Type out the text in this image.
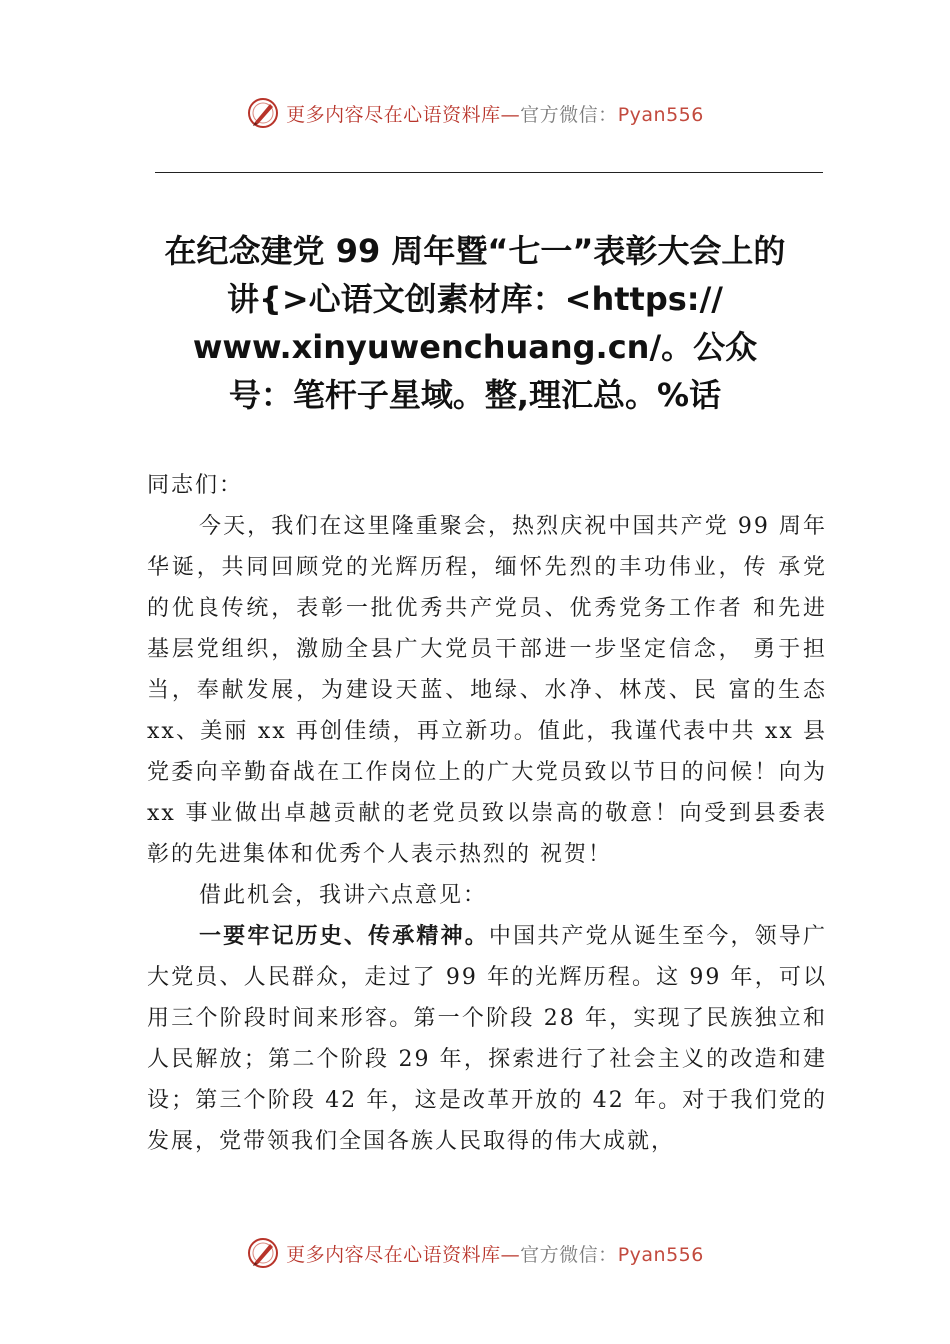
更多内容尽在心语资料库—官方微信：Pyan556
在纪念建党 99 周年暨“七一”表彰大会上的
讲{>心语文创素材库：<https://
www.xinyuwenchuang.cn/。公众
号：笔杆子星域。整,理汇总。%话

同志们：

今天，我们在这里隆重聚会，热烈庆祝中国共产党 99 周年华诞，共同回顾党的光辉历程，缅怀先烈的丰功伟业，传 承党的优良传统，表彰一批优秀共产党员、优秀党务工作者 和先进基层党组织，激励全县广大党员干部进一步坚定信念， 勇于担当，奉献发展，为建设天蓝、地绿、水净、林茂、民 富的生态 xx、美丽 xx 再创佳绩，再立新功。值此，我谨代表中共 xx 县党委向辛勤奋战在工作岗位上的广大党员致以节日的问候！向为 xx 事业做出卓越贡献的老党员致以崇高的敬意！向受到县委表彰的先进集体和优秀个人表示热烈的 祝贺！

借此机会，我讲六点意见：

一要牢记历史、传承精神。中国共产党从诞生至今，领导广大党员、人民群众，走过了 99 年的光辉历程。这 99 年，可以用三个阶段时间来形容。第一个阶段 28 年，实现了民族独立和人民解放；第二个阶段 29 年，探索进行了社会主义的改造和建设；第三个阶段 42 年，这是改革开放的 42 年。对于我们党的发展，党带领我们全国各族人民取得的伟大成就，

更多内容尽在心语资料库—官方微信：Pyan556
